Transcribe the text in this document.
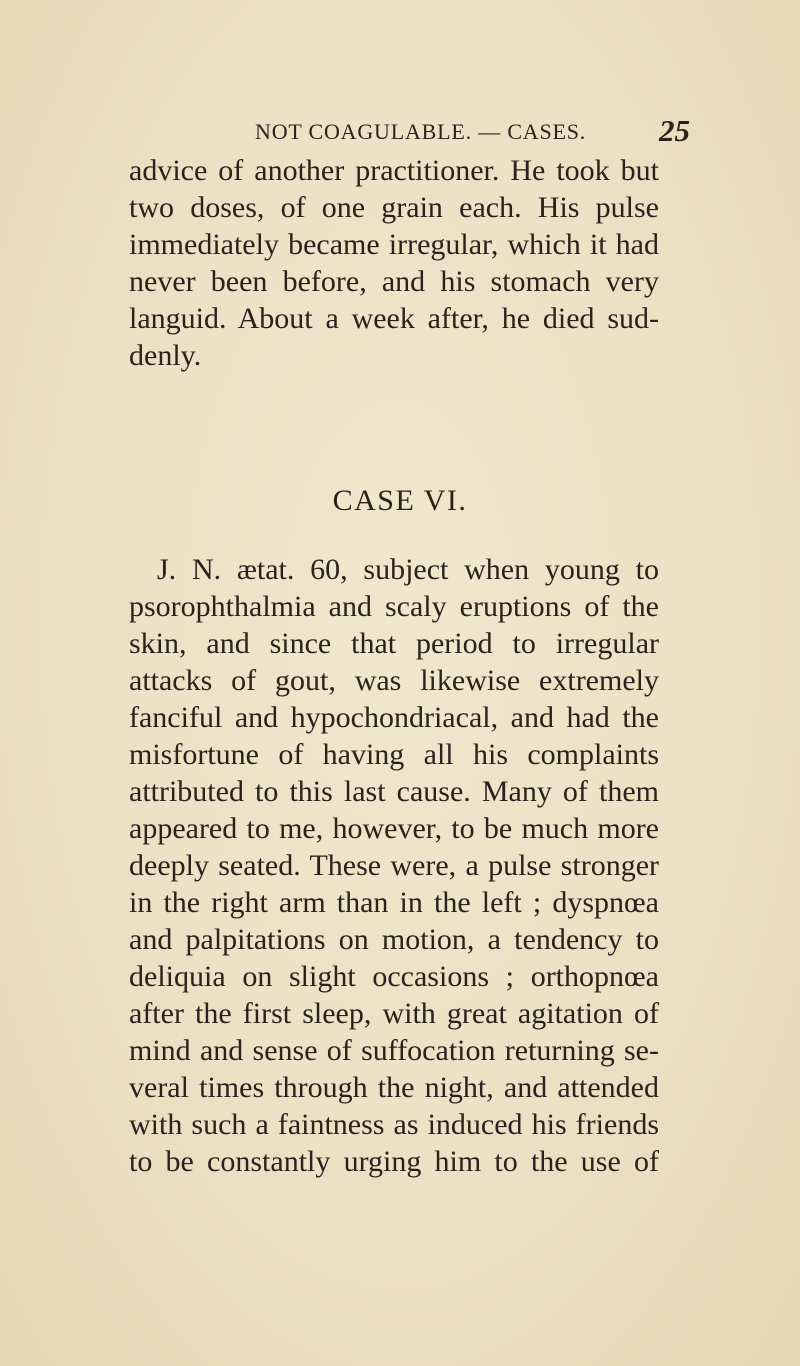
NOT COAGULABLE. — CASES. 25
advice of another practitioner. He took but
two doses, of one grain each. His pulse
immediately became irregular, which it had
never been before, and his stomach very
languid. About a week after, he died sud-
denly.
CASE VI.
J. N. ætat. 60, subject when young to
psorophthalmia and scaly eruptions of the
skin, and since that period to irregular
attacks of gout, was likewise extremely
fanciful and hypochondriacal, and had the
misfortune of having all his complaints
attributed to this last cause. Many of them
appeared to me, however, to be much more
deeply seated. These were, a pulse stronger
in the right arm than in the left ; dyspnœa
and palpitations on motion, a tendency to
deliquia on slight occasions ; orthopnœa
after the first sleep, with great agitation of
mind and sense of suffocation returning se-
veral times through the night, and attended
with such a faintness as induced his friends
to be constantly urging him to the use of
